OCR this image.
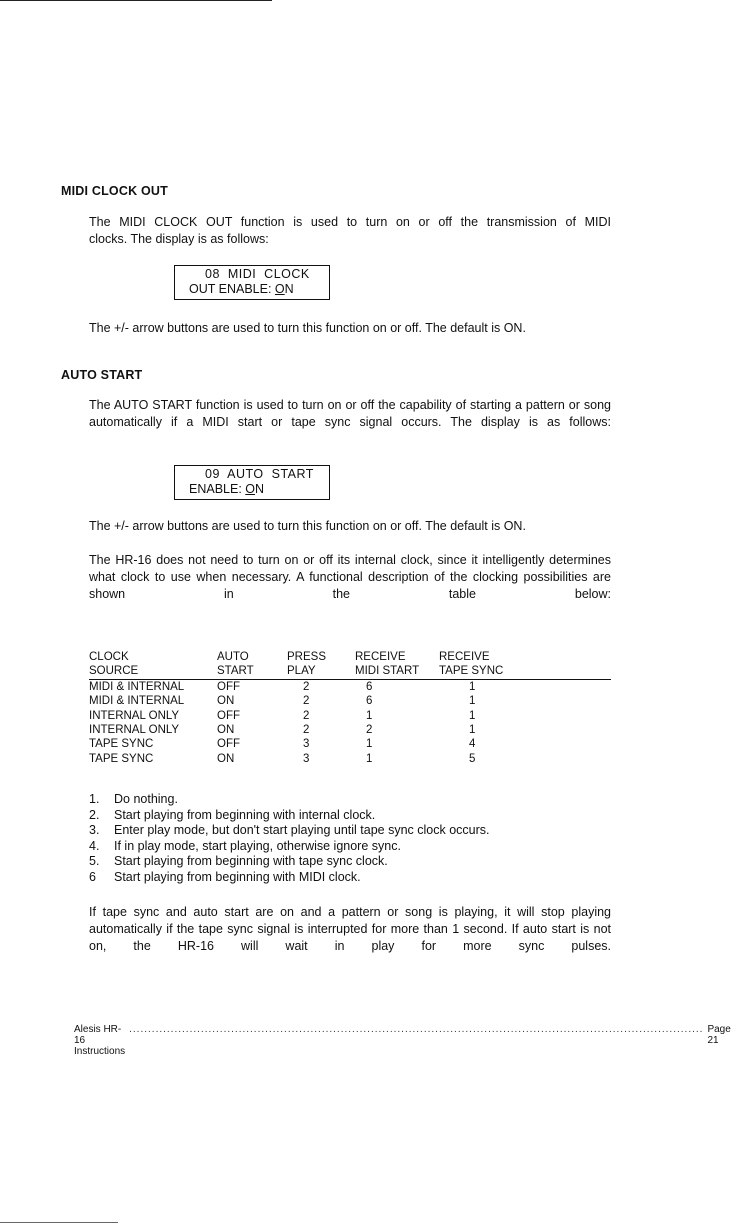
MIDI CLOCK OUT
The MIDI CLOCK OUT function is used to turn on or off the transmission of MIDI
clocks. The display is as follows:
08  MIDI  CLOCK
OUT ENABLE: ON
The +/- arrow buttons are used to turn this function on or off. The default is ON.
AUTO START
The AUTO START function is used to turn on or off the capability of starting a pattern or song automatically if a MIDI start or tape sync signal occurs. The display is as follows:
09  AUTO  START
ENABLE: ON
The +/- arrow buttons are used to turn this function on or off. The default is ON.
The HR-16 does not need to turn on or off its internal clock, since it intelligently determines what clock to use when necessary. A functional description of the clocking possibilities are shown in the table below:
CLOCK	AUTO	PRESS	RECEIVE	RECEIVE
SOURCE	START	PLAY	MIDI START	TAPE SYNC
MIDI & INTERNAL	OFF	2	6	1
MIDI & INTERNAL	ON	2	6	1
INTERNAL ONLY	OFF	2	1	1
INTERNAL ONLY	ON	2	2	1
TAPE SYNC	OFF	3	1	4
TAPE SYNC	ON	3	1	5
1.	Do nothing.
2.	Start playing from beginning with internal clock.
3.	Enter play mode, but don't start playing until tape sync clock occurs.
4.	If in play mode, start playing, otherwise ignore sync.
5.	Start playing from beginning with tape sync clock.
6	Start playing from beginning with MIDI clock.
If tape sync and auto start are on and a pattern or song is playing, it will stop playing automatically if the tape sync signal is interrupted for more than 1 second. If auto start is not on, the HR-16 will wait in play for more sync pulses.
Alesis HR-16 Instructions
........................................................................................................................................................ Page 21
